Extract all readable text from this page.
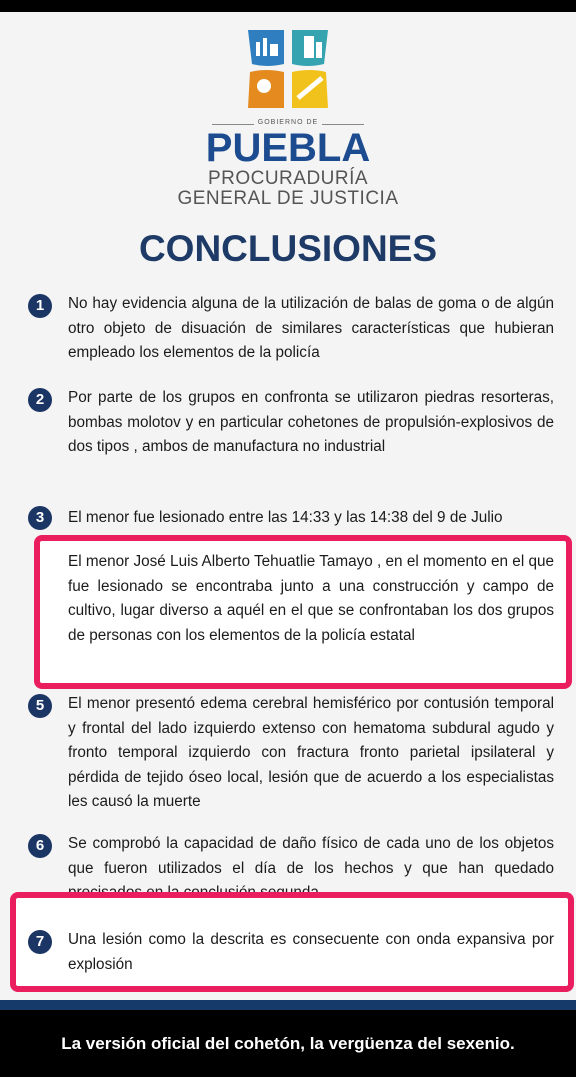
GOBIERNO DE
PUEBLA
PROCURADURÍA
GENERAL DE JUSTICIA
CONCLUSIONES
1	No hay evidencia alguna de la utilización de balas de goma o de algún otro objeto de disuación de similares características que hubieran empleado los elementos de la policía
2	Por parte de los grupos en confronta se utilizaron piedras resorteras, bombas molotov y en particular cohetones de propulsión-explosivos de dos tipos , ambos de manufactura no industrial
3	El menor fue lesionado entre las 14:33 y las 14:38 del 9 de Julio
El menor José Luis Alberto Tehuatlie Tamayo , en el momento en el que fue lesionado se encontraba junto a una construcción y campo de cultivo, lugar diverso a aquél en el que se confrontaban los dos grupos de personas con los elementos de la policía estatal
5	El menor presentó edema cerebral hemisférico por contusión temporal y frontal del lado izquierdo extenso con hematoma subdural agudo y fronto temporal izquierdo con fractura fronto parietal ipsilateral y pérdida de tejido óseo local, lesión que de acuerdo a los especialistas les causó la muerte
6	Se comprobó la capacidad de daño físico de cada uno de los objetos que fueron utilizados el día de los hechos y que han quedado
7	Una lesión como la descrita es consecuente con onda expansiva por explosión
La versión oficial del cohetón, la vergüenza del sexenio.
